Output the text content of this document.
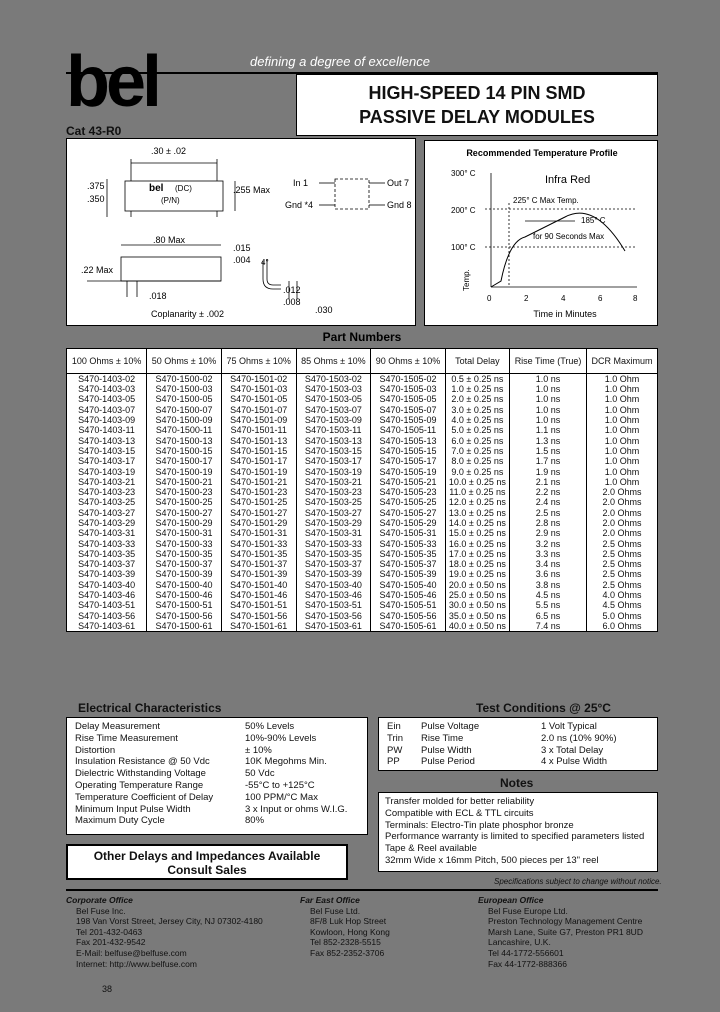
bel	defining a degree of excellence
HIGH-SPEED 14 PIN SMD
PASSIVE DELAY MODULES
Cat 43-R0
.30 ± .02
.375
.350
bel (DC)
(P/N)
.255 Max
.80 Max
.22 Max
.015
.004
.018
.012
.008
.030
4°
Coplanarity ± .002
In 1	Out 7
Gnd *4	Gnd 8
Recommended Temperature Profile
300° C
200° C
100° C
Temp.
0	2	4	6	8
Time in Minutes
Infra Red
225° C Max Temp.
185° C
for 90 Seconds Max
Part Numbers
100 Ohms ± 10%	50 Ohms ± 10%	75 Ohms ± 10%	85 Ohms ± 10%	90 Ohms ± 10%	Total Delay	Rise Time (True)	DCR Maximum
S470-1403-02	S470-1500-02	S470-1501-02	S470-1503-02	S470-1505-02	0.5 ± 0.25 ns	1.0 ns	1.0 Ohm
S470-1403-03	S470-1500-03	S470-1501-03	S470-1503-03	S470-1505-03	1.0 ± 0.25 ns	1.0 ns	1.0 Ohm
S470-1403-05	S470-1500-05	S470-1501-05	S470-1503-05	S470-1505-05	2.0 ± 0.25 ns	1.0 ns	1.0 Ohm
S470-1403-07	S470-1500-07	S470-1501-07	S470-1503-07	S470-1505-07	3.0 ± 0.25 ns	1.0 ns	1.0 Ohm
S470-1403-09	S470-1500-09	S470-1501-09	S470-1503-09	S470-1505-09	4.0 ± 0.25 ns	1.0 ns	1.0 Ohm
S470-1403-11	S470-1500-11	S470-1501-11	S470-1503-11	S470-1505-11	5.0 ± 0.25 ns	1.1 ns	1.0 Ohm
S470-1403-13	S470-1500-13	S470-1501-13	S470-1503-13	S470-1505-13	6.0 ± 0.25 ns	1.3 ns	1.0 Ohm
S470-1403-15	S470-1500-15	S470-1501-15	S470-1503-15	S470-1505-15	7.0 ± 0.25 ns	1.5 ns	1.0 Ohm
S470-1403-17	S470-1500-17	S470-1501-17	S470-1503-17	S470-1505-17	8.0 ± 0.25 ns	1.7 ns	1.0 Ohm
S470-1403-19	S470-1500-19	S470-1501-19	S470-1503-19	S470-1505-19	9.0 ± 0.25 ns	1.9 ns	1.0 Ohm
S470-1403-21	S470-1500-21	S470-1501-21	S470-1503-21	S470-1505-21	10.0 ± 0.25 ns	2.1 ns	1.0 Ohm
S470-1403-23	S470-1500-23	S470-1501-23	S470-1503-23	S470-1505-23	11.0 ± 0.25 ns	2.2 ns	2.0 Ohms
S470-1403-25	S470-1500-25	S470-1501-25	S470-1503-25	S470-1505-25	12.0 ± 0.25 ns	2.4 ns	2.0 Ohms
S470-1403-27	S470-1500-27	S470-1501-27	S470-1503-27	S470-1505-27	13.0 ± 0.25 ns	2.5 ns	2.0 Ohms
S470-1403-29	S470-1500-29	S470-1501-29	S470-1503-29	S470-1505-29	14.0 ± 0.25 ns	2.8 ns	2.0 Ohms
S470-1403-31	S470-1500-31	S470-1501-31	S470-1503-31	S470-1505-31	15.0 ± 0.25 ns	2.9 ns	2.0 Ohms
S470-1403-33	S470-1500-33	S470-1501-33	S470-1503-33	S470-1505-33	16.0 ± 0.25 ns	3.2 ns	2.5 Ohms
S470-1403-35	S470-1500-35	S470-1501-35	S470-1503-35	S470-1505-35	17.0 ± 0.25 ns	3.3 ns	2.5 Ohms
S470-1403-37	S470-1500-37	S470-1501-37	S470-1503-37	S470-1505-37	18.0 ± 0.25 ns	3.4 ns	2.5 Ohms
S470-1403-39	S470-1500-39	S470-1501-39	S470-1503-39	S470-1505-39	19.0 ± 0.25 ns	3.6 ns	2.5 Ohms
S470-1403-40	S470-1500-40	S470-1501-40	S470-1503-40	S470-1505-40	20.0 ± 0.50 ns	3.8 ns	2.5 Ohms
S470-1403-46	S470-1500-46	S470-1501-46	S470-1503-46	S470-1505-46	25.0 ± 0.50 ns	4.5 ns	4.0 Ohms
S470-1403-51	S470-1500-51	S470-1501-51	S470-1503-51	S470-1505-51	30.0 ± 0.50 ns	5.5 ns	4.5 Ohms
S470-1403-56	S470-1500-56	S470-1501-56	S470-1503-56	S470-1505-56	35.0 ± 0.50 ns	6.5 ns	5.0 Ohms
S470-1403-61	S470-1500-61	S470-1501-61	S470-1503-61	S470-1505-61	40.0 ± 0.50 ns	7.4 ns	6.0 Ohms
Electrical Characteristics
Delay Measurement	50% Levels
Rise Time Measurement	10%-90% Levels
Distortion	± 10%
Insulation Resistance @ 50 Vdc	10K Megohms Min.
Dielectric Withstanding Voltage	50 Vdc
Operating Temperature Range	-55°C to +125°C
Temperature Coefficient of Delay	100 PPM/°C Max
Minimum Input Pulse Width	3 x Input or ohms W.I.G.
Maximum Duty Cycle	80%
Test Conditions @ 25°C
Ein	Pulse Voltage	1 Volt Typical
Trin	Rise Time	2.0 ns (10% 90%)
PW	Pulse Width	3 x Total Delay
PP	Pulse Period	4 x Pulse Width
Notes
Transfer molded for better reliability
Compatible with ECL & TTL circuits
Terminals: Electro-Tin plate phosphor bronze
Performance warranty is limited to specified parameters listed
Tape & Reel available
32mm Wide x 16mm Pitch, 500 pieces per 13" reel
Other Delays and Impedances Available
Consult Sales
Specifications subject to change without notice.
Corporate Office
Bel Fuse Inc.
198 Van Vorst Street, Jersey City, NJ 07302-4180
Tel 201-432-0463
Fax 201-432-9542
E-Mail: belfuse@belfuse.com
Internet: http://www.belfuse.com
Far East Office
Bel Fuse Ltd.
8F/8 Luk Hop Street
Kowloon, Hong Kong
Tel 852-2328-5515
Fax 852-2352-3706
European Office
Bel Fuse Europe Ltd.
Preston Technology Management Centre
Marsh Lane, Suite G7, Preston PR1 8UD
Lancashire, U.K.
Tel 44-1772-556601
Fax 44-1772-888366
38
